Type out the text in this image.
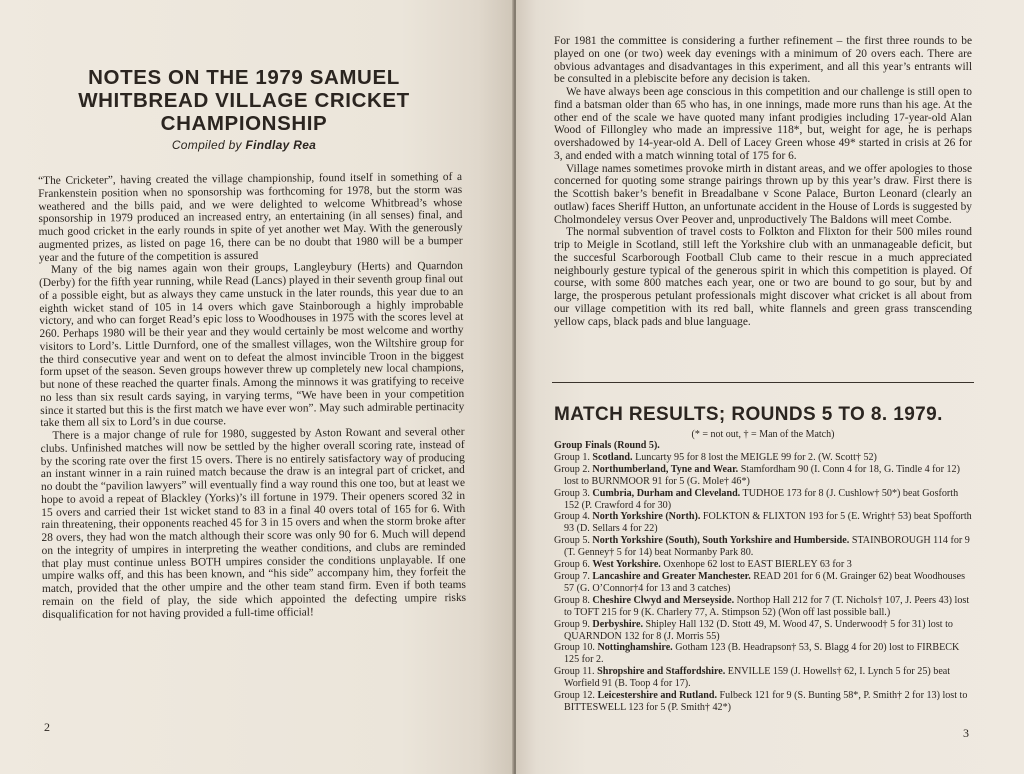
NOTES ON THE 1979 SAMUEL WHITBREAD VILLAGE CRICKET CHAMPIONSHIP
Compiled by Findlay Rea

“The Cricketer”, having created the village championship, found itself in something of a Frankenstein position when no sponsorship was forthcoming for 1978, but the storm was weathered and the bills paid, and we were delighted to welcome Whitbread’s whose sponsorship in 1979 produced an increased entry, an entertaining (in all senses) final, and much good cricket in the early rounds in spite of yet another wet May. With the generously augmented prizes, as listed on page 16, there can be no doubt that 1980 will be a bumper year and the future of the competition is assured

Many of the big names again won their groups, Langleybury (Herts) and Quarndon (Derby) for the fifth year running, while Read (Lancs) played in their seventh group final out of a possible eight, but as always they came unstuck in the later rounds, this year due to an eighth wicket stand of 105 in 14 overs which gave Stainborough a highly improbable victory, and who can forget Read’s epic loss to Woodhouses in 1975 with the scores level at 260. Perhaps 1980 will be their year and they would certainly be most welcome and worthy visitors to Lord’s. Little Durnford, one of the smallest villages, won the Wiltshire group for the third consecutive year and went on to defeat the almost invincible Troon in the biggest form upset of the season. Seven groups however threw up completely new local champions, but none of these reached the quarter finals. Among the minnows it was gratifying to receive no less than six result cards saying, in varying terms, “We have been in your competition since it started but this is the first match we have ever won”. May such admirable pertinacity take them all six to Lord’s in due course.

There is a major change of rule for 1980, suggested by Aston Rowant and several other clubs. Unfinished matches will now be settled by the higher overall scoring rate, instead of by the scoring rate over the first 15 overs. There is no entirely satisfactory way of producing an instant winner in a rain ruined match because the draw is an integral part of cricket, and no doubt the “pavilion lawyers” will eventually find a way round this one too, but at least we hope to avoid a repeat of Blackley (Yorks)’s ill fortune in 1979. Their openers scored 32 in 15 overs and carried their 1st wicket stand to 83 in a final 40 overs total of 165 for 6. With rain threatening, their opponents reached 45 for 3 in 15 overs and when the storm broke after 28 overs, they had won the match although their score was only 90 for 6. Much will depend on the integrity of umpires in interpreting the weather conditions, and clubs are reminded that play must continue unless BOTH umpires consider the conditions unplayable. If one umpire walks off, and this has been known, and “his side” accompany him, they forfeit the match, provided that the other umpire and the other team stand firm. Even if both teams remain on the field of play, the side which appointed the defecting umpire risks disqualification for not having provided a full-time official!

2

For 1981 the committee is considering a further refinement – the first three rounds to be played on one (or two) week day evenings with a minimum of 20 overs each. There are obvious advantages and disadvantages in this experiment, and all this year’s entrants will be consulted in a plebiscite before any decision is taken.

We have always been age conscious in this competition and our challenge is still open to find a batsman older than 65 who has, in one innings, made more runs than his age. At the other end of the scale we have quoted many infant prodigies including 17-year-old Alan Wood of Fillongley who made an impressive 118*, but, weight for age, he is perhaps overshadowed by 14-year-old A. Dell of Lacey Green whose 49* started in crisis at 26 for 3, and ended with a match winning total of 175 for 6.

Village names sometimes provoke mirth in distant areas, and we offer apologies to those concerned for quoting some strange pairings thrown up by this year’s draw. First there is the Scottish baker’s benefit in Breadalbane v Scone Palace, Burton Leonard (clearly an outlaw) faces Sheriff Hutton, an unfortunate accident in the House of Lords is suggested by Cholmondeley versus Over Peover and, unproductively The Baldons will meet Combe.

The normal subvention of travel costs to Folkton and Flixton for their 500 miles round trip to Meigle in Scotland, still left the Yorkshire club with an unmanageable deficit, but the succesful Scarborough Football Club came to their rescue in a much appreciated neighbourly gesture typical of the generous spirit in which this competition is played. Of course, with some 800 matches each year, one or two are bound to go sour, but by and large, the prosperous petulant professionals might discover what cricket is all about from our village competition with its red ball, white flannels and green grass transcending yellow caps, black pads and blue language.

MATCH RESULTS; ROUNDS 5 TO 8. 1979.
(* = not out, † = Man of the Match)
Group Finals (Round 5).
Group 1. Scotland. Luncarty 95 for 8 lost the MEIGLE 99 for 2. (W. Scott† 52)
Group 2. Northumberland, Tyne and Wear. Stamfordham 90 (I. Conn 4 for 18, G. Tindle 4 for 12) lost to BURNMOOR 91 for 5 (G. Mole† 46*)
Group 3. Cumbria, Durham and Cleveland. TUDHOE 173 for 8 (J. Cushlow† 50*) beat Gosforth 152 (P. Crawford 4 for 30)
Group 4. North Yorkshire (North). FOLKTON & FLIXTON 193 for 5 (E. Wright† 53) beat Spofforth 93 (D. Sellars 4 for 22)
Group 5. North Yorkshire (South), South Yorkshire and Humberside. STAINBOROUGH 114 for 9 (T. Genney† 5 for 14) beat Normanby Park 80.
Group 6. West Yorkshire. Oxenhope 62 lost to EAST BIERLEY 63 for 3
Group 7. Lancashire and Greater Manchester. READ 201 for 6 (M. Grainger 62) beat Woodhouses 57 (G. O’Connor†4 for 13 and 3 catches)
Group 8. Cheshire Clwyd and Merseyside. Northop Hall 212 for 7 (T. Nichols† 107, J. Peers 43) lost to TOFT 215 for 9 (K. Charlery 77, A. Stimpson 52) (Won off last possible ball.)
Group 9. Derbyshire. Shipley Hall 132 (D. Stott 49, M. Wood 47, S. Underwood† 5 for 31) lost to QUARNDON 132 for 8 (J. Morris 55)
Group 10. Nottinghamshire. Gotham 123 (B. Headrapson† 53, S. Blagg 4 for 20) lost to FIRBECK 125 for 2.
Group 11. Shropshire and Staffordshire. ENVILLE 159 (J. Howells† 62, I. Lynch 5 for 25) beat Worfield 91 (B. Toop 4 for 17).
Group 12. Leicestershire and Rutland. Fulbeck 121 for 9 (S. Bunting 58*, P. Smith† 2 for 13) lost to BITTESWELL 123 for 5 (P. Smith† 42*)
3
